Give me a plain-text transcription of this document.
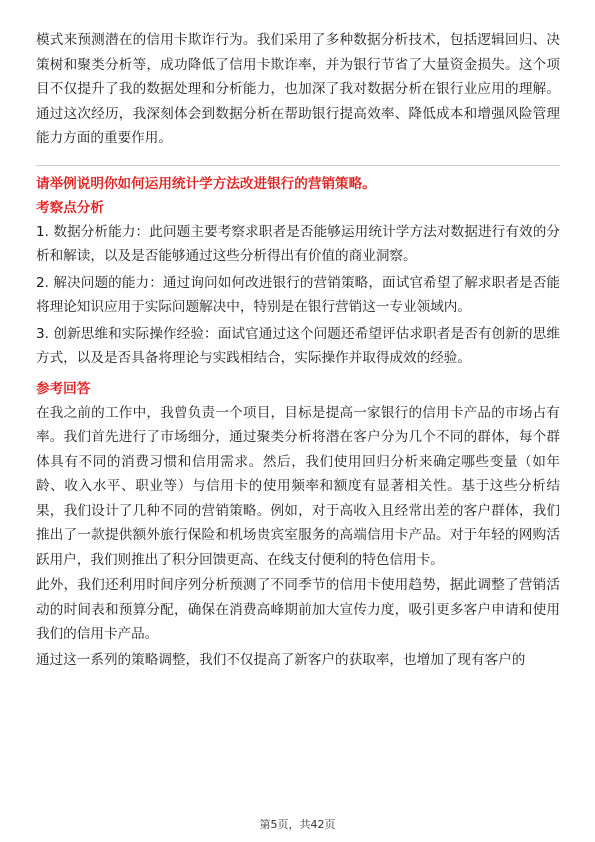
模式来预测潜在的信用卡欺诈行为。我们采用了多种数据分析技术，包括逻辑回归、决策树和聚类分析等，成功降低了信用卡欺诈率，并为银行节省了大量资金损失。这个项目不仅提升了我的数据处理和分析能力，也加深了我对数据分析在银行业应用的理解。通过这次经历，我深刻体会到数据分析在帮助银行提高效率、降低成本和增强风险管理能力方面的重要作用。

请举例说明你如何运用统计学方法改进银行的营销策略。

考察点分析

1. 数据分析能力：此问题主要考察求职者是否能够运用统计学方法对数据进行有效的分析和解读，以及是否能够通过这些分析得出有价值的商业洞察。

2. 解决问题的能力：通过询问如何改进银行的营销策略，面试官希望了解求职者是否能将理论知识应用于实际问题解决中，特别是在银行营销这一专业领域内。

3. 创新思维和实际操作经验：面试官通过这个问题还希望评估求职者是否有创新的思维方式，以及是否具备将理论与实践相结合，实际操作并取得成效的经验。

参考回答

在我之前的工作中，我曾负责一个项目，目标是提高一家银行的信用卡产品的市场占有率。我们首先进行了市场细分，通过聚类分析将潜在客户分为几个不同的群体，每个群体具有不同的消费习惯和信用需求。然后，我们使用回归分析来确定哪些变量（如年龄、收入水平、职业等）与信用卡的使用频率和额度有显著相关性。基于这些分析结果，我们设计了几种不同的营销策略。例如，对于高收入且经常出差的客户群体，我们推出了一款提供额外旅行保险和机场贵宾室服务的高端信用卡产品。对于年轻的网购活跃用户，我们则推出了积分回馈更高、在线支付便利的特色信用卡。

此外，我们还利用时间序列分析预测了不同季节的信用卡使用趋势，据此调整了营销活动的时间表和预算分配，确保在消费高峰期前加大宣传力度，吸引更多客户申请和使用我们的信用卡产品。

通过这一系列的策略调整，我们不仅提高了新客户的获取率，也增加了现有客户的

第5页，共42页
